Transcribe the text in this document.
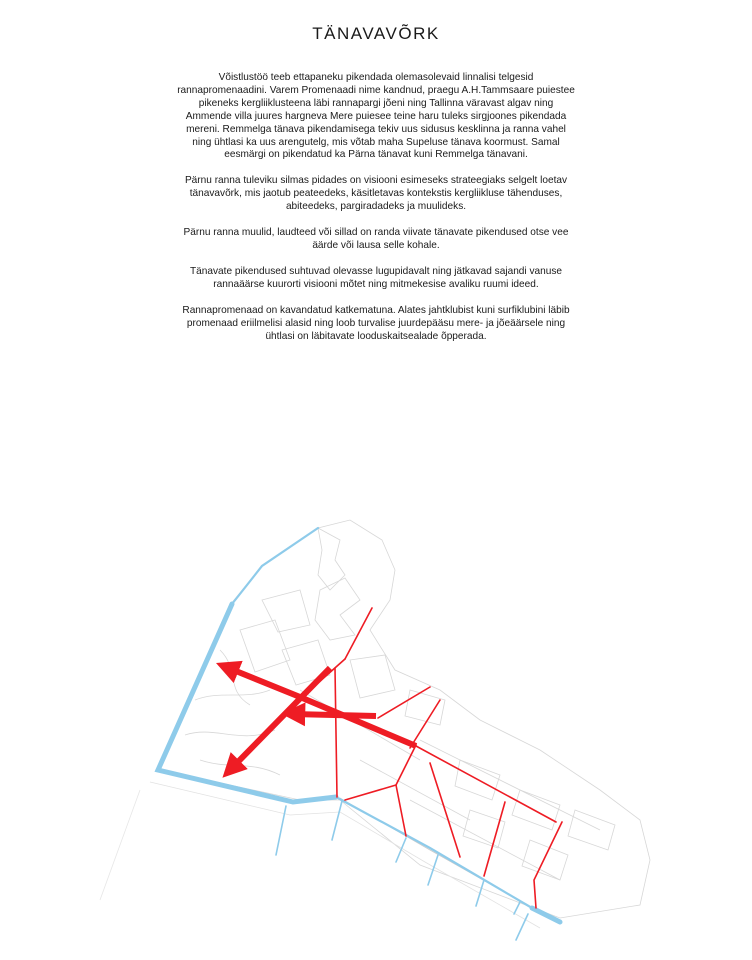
TÄNAVAVÕRK

Võistlustöö teeb ettapaneku pikendada olemasolevaid linnalisi telgesid rannapromenaadini. Varem Promenaadi nime kandnud, praegu A.H.Tammsaare puiestee pikeneks kergliiklusteena läbi rannapargi jõeni ning Tallinna väravast algav ning Ammende villa juures hargneva Mere puiesee teine haru tuleks sirgjoones pikendada mereni. Remmelga tänava pikendamisega tekiv uus sidusus kesklinna ja ranna vahel ning ühtlasi ka uus arengutelg, mis võtab maha Supeluse tänava koormust. Samal eesmärgi on pikendatud ka Pärna tänavat kuni Remmelga tänavani.

Pärnu ranna tuleviku silmas pidades on visiooni esimeseks strateegiaks selgelt loetav tänavavõrk, mis jaotub peateedeks, käsitletavas kontekstis kergliikluse tähenduses, abiteedeks, pargiradadeks ja muulideks.

Pärnu ranna muulid, laudteed või sillad on randa viivate tänavate pikendused otse vee äärde või lausa selle kohale.

Tänavate pikendused suhtuvad olevasse lugupidavalt ning jätkavad sajandi vanuse rannaäärse kuurorti visiooni mõtet ning mitmekesise avaliku ruumi ideed.

Rannapromenaad on kavandatud katkematuna. Alates jahtklubist kuni surfiklubini läbib promenaad eriilmelisi alasid ning loob turvalise juurdepääsu mere- ja jõeäärsele ning ühtlasi on läbitavate looduskaitsealade õpperada.
